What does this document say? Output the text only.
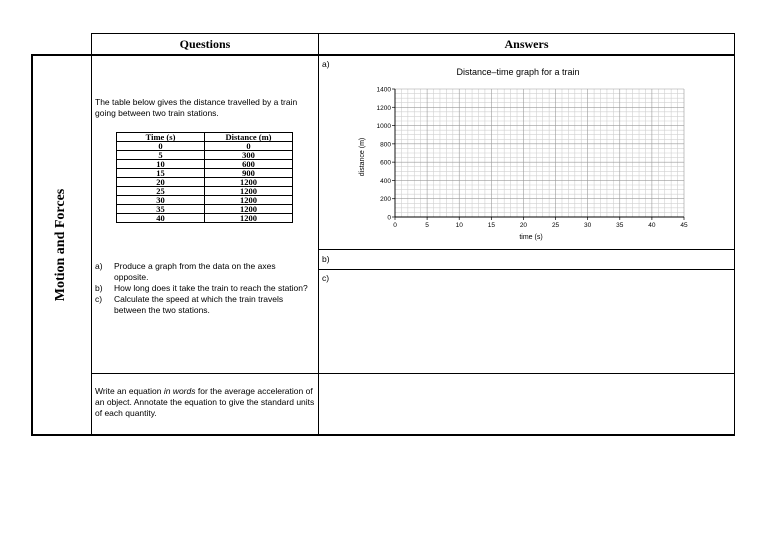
Questions	Answers
Motion and Forces
The table below gives the distance travelled by a train going between two train stations.
Time (s)	Distance (m)
0	0
5	300
10	600
15	900
20	1200
25	1200
30	1200
35	1200
40	1200
a)	Produce a graph from the data on the axes opposite.
b)	How long does it take the train to reach the station?
c)	Calculate the speed at which the train travels between the two stations.
Write an equation in words for the average acceleration of an object. Annotate the equation to give the standard units of each quantity.
a)
b)
c)
Distance–time graph for a train
0	5	10	15	20	25	30	35	40	45
0
200
400
600
800
1000
1200
1400
time (s)
distance (m)
